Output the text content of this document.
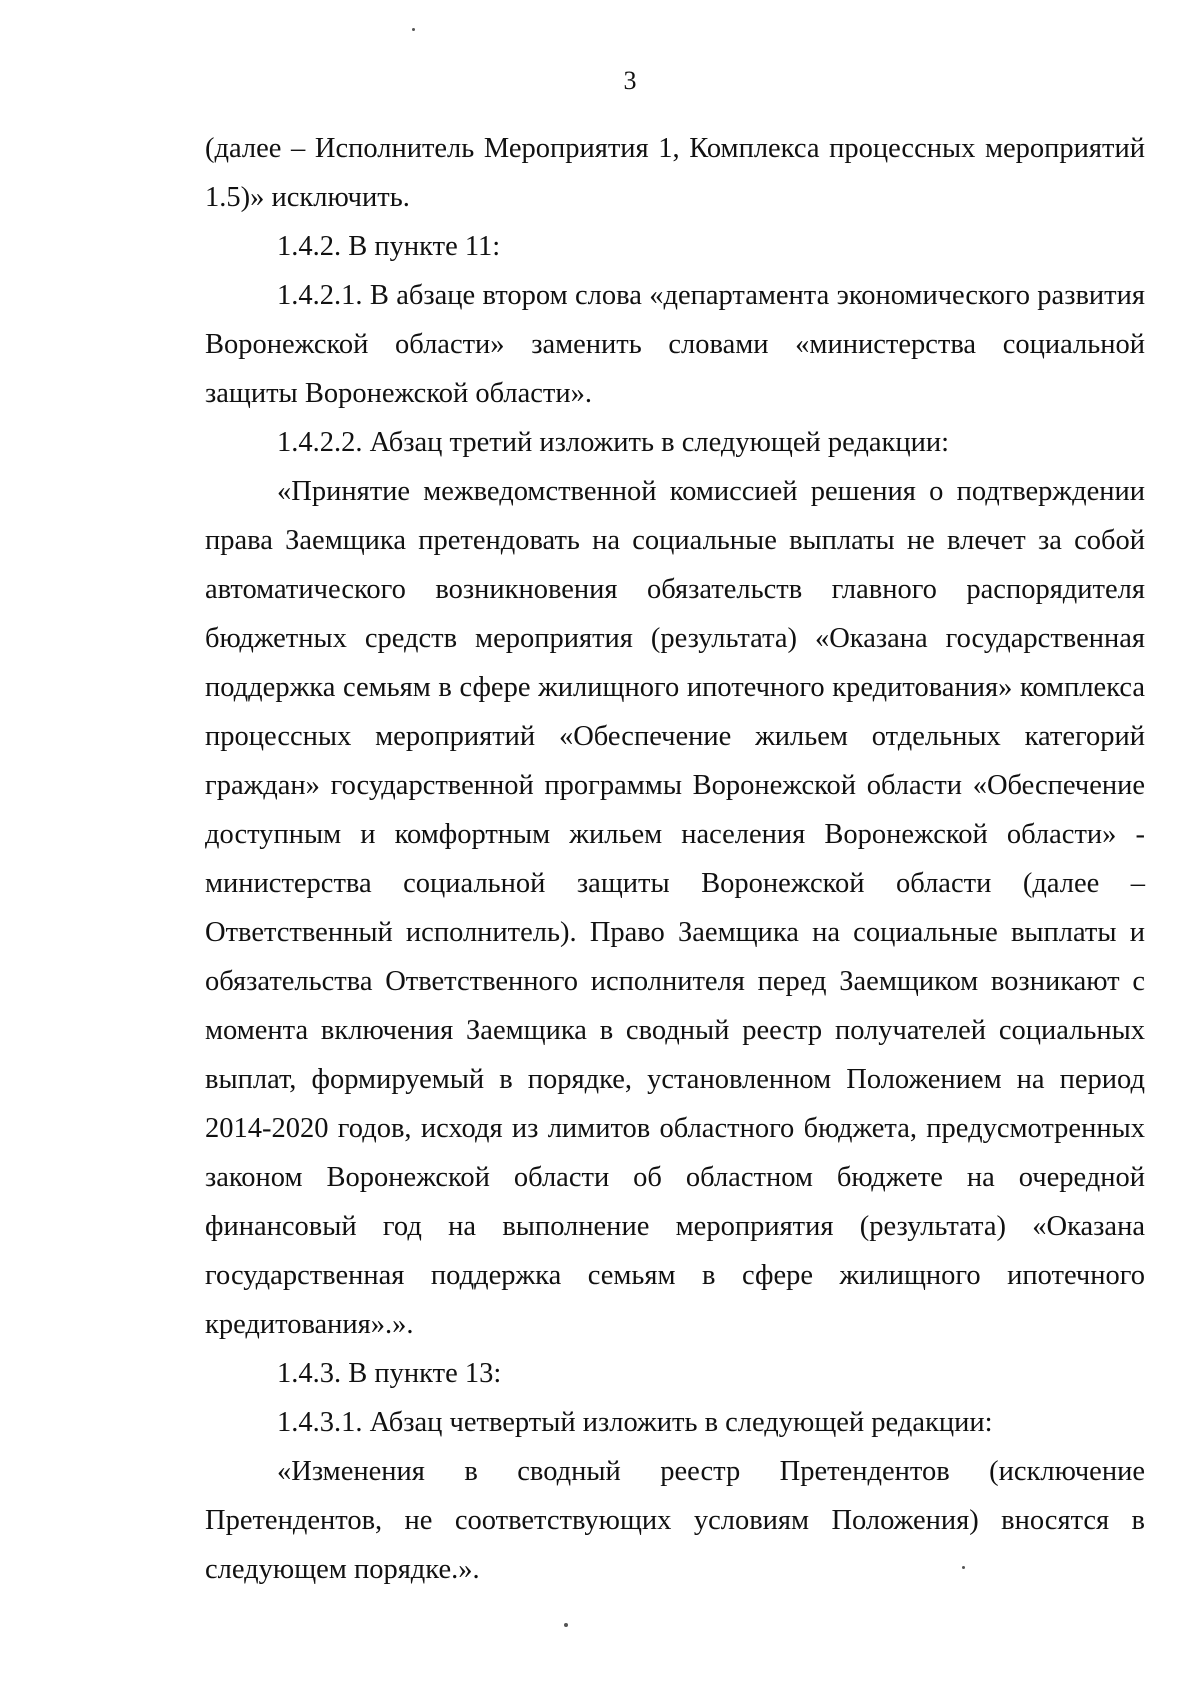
3

(далее – Исполнитель Мероприятия 1, Комплекса процессных мероприятий 1.5)» исключить.

1.4.2. В пункте 11:

1.4.2.1. В абзаце втором слова «департамента экономического развития Воронежской области» заменить словами «министерства социальной защиты Воронежской области».

1.4.2.2. Абзац третий изложить в следующей редакции:

«Принятие межведомственной комиссией решения о подтверждении права Заемщика претендовать на социальные выплаты не влечет за собой автоматического возникновения обязательств главного распорядителя бюджетных средств мероприятия (результата) «Оказана государственная поддержка семьям в сфере жилищного ипотечного кредитования» комплекса процессных мероприятий «Обеспечение жильем отдельных категорий граждан» государственной программы Воронежской области «Обеспечение доступным и комфортным жильем населения Воронежской области» - министерства социальной защиты Воронежской области (далее – Ответственный исполнитель). Право Заемщика на социальные выплаты и обязательства Ответственного исполнителя перед Заемщиком возникают с момента включения Заемщика в сводный реестр получателей социальных выплат, формируемый в порядке, установленном Положением на период 2014-2020 годов, исходя из лимитов областного бюджета, предусмотренных законом Воронежской области об областном бюджете на очередной финансовый год на выполнение мероприятия (результата) «Оказана государственная поддержка семьям в сфере жилищного ипотечного кредитования».».

1.4.3. В пункте 13:

1.4.3.1. Абзац четвертый изложить в следующей редакции:

«Изменения в сводный реестр Претендентов (исключение Претендентов, не соответствующих условиям Положения) вносятся в следующем порядке.».
